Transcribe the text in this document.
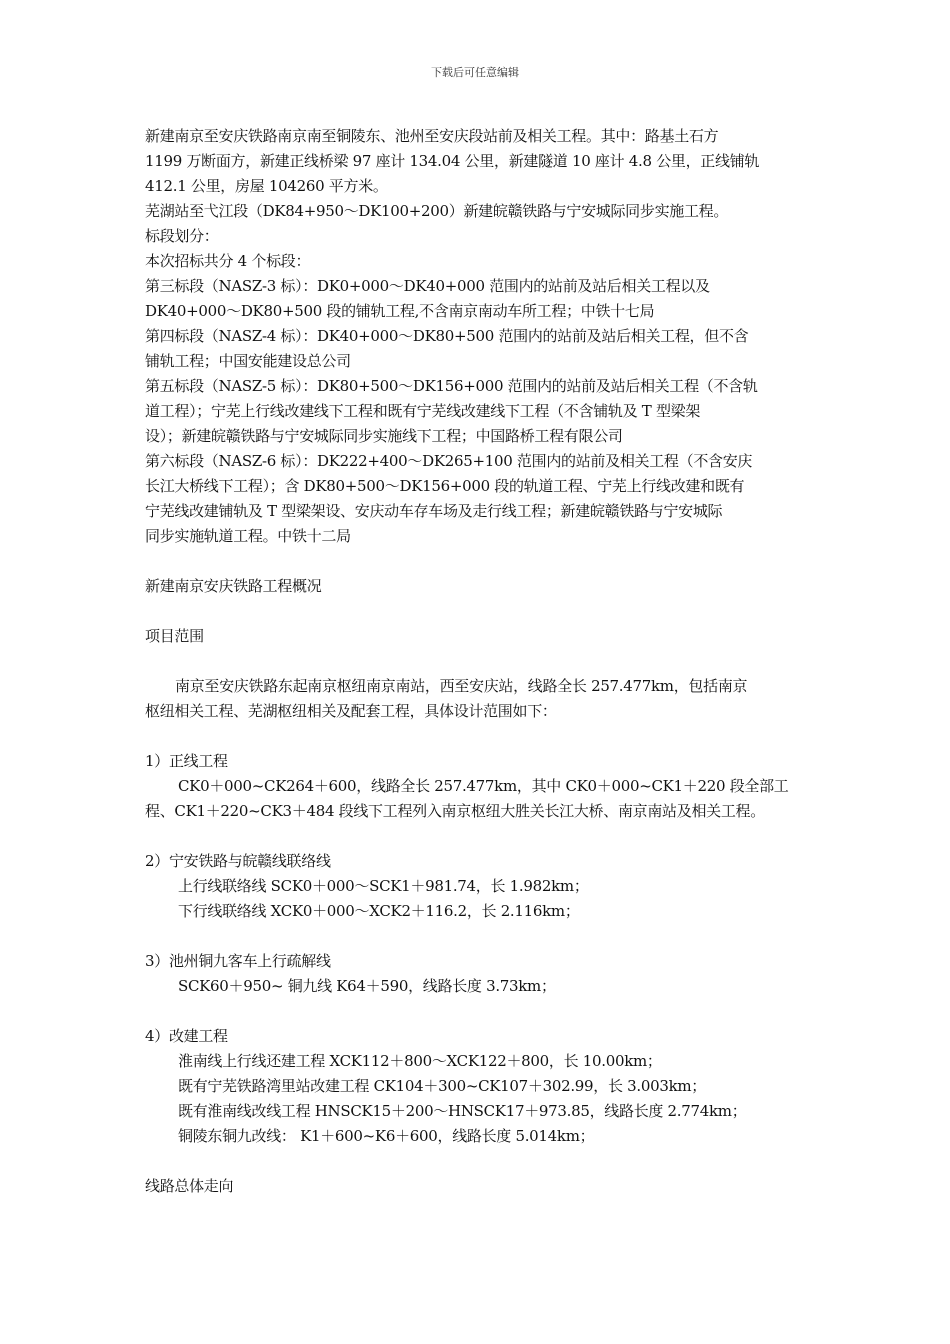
下载后可任意编辑
新建南京至安庆铁路南京南至铜陵东、池州至安庆段站前及相关工程。其中：路基土石方
1199 万断面方，新建正线桥梁 97 座计 134.04 公里，新建隧道 10 座计 4.8 公里，正线铺轨
412.1 公里，房屋 104260 平方米。
芜湖站至弋江段（DK84+950～DK100+200）新建皖赣铁路与宁安城际同步实施工程。
标段划分：
本次招标共分 4 个标段：
第三标段（NASZ-3 标）：DK0+000～DK40+000 范围内的站前及站后相关工程以及
DK40+000～DK80+500 段的铺轨工程,不含南京南动车所工程；中铁十七局
第四标段（NASZ-4 标）：DK40+000～DK80+500 范围内的站前及站后相关工程，但不含
铺轨工程；中国安能建设总公司
第五标段（NASZ-5 标）：DK80+500～DK156+000 范围内的站前及站后相关工程（不含轨
道工程）；宁芜上行线改建线下工程和既有宁芜线改建线下工程（不含铺轨及 T 型梁架
设）；新建皖赣铁路与宁安城际同步实施线下工程；中国路桥工程有限公司
第六标段（NASZ-6 标）：DK222+400～DK265+100 范围内的站前及相关工程（不含安庆
长江大桥线下工程）；含 DK80+500～DK156+000 段的轨道工程、宁芜上行线改建和既有
宁芜线改建铺轨及 T 型梁架设、安庆动车存车场及走行线工程；新建皖赣铁路与宁安城际
同步实施轨道工程。中铁十二局
新建南京安庆铁路工程概况
项目范围
南京至安庆铁路东起南京枢纽南京南站，西至安庆站，线路全长 257.477km，包括南京
枢纽相关工程、芜湖枢纽相关及配套工程，具体设计范围如下：
1）正线工程
CK0＋000~CK264＋600，线路全长 257.477km，其中 CK0＋000~CK1＋220 段全部工
程、CK1＋220~CK3＋484 段线下工程列入南京枢纽大胜关长江大桥、南京南站及相关工程。
2）宁安铁路与皖赣线联络线
上行线联络线 SCK0＋000～SCK1＋981.74，长 1.982km；
下行线联络线 XCK0＋000～XCK2＋116.2，长 2.116km；
3）池州铜九客车上行疏解线
SCK60＋950~ 铜九线 K64＋590，线路长度 3.73km；
4）改建工程
淮南线上行线还建工程 XCK112＋800～XCK122＋800，长 10.00km；
既有宁芜铁路湾里站改建工程 CK104＋300~CK107＋302.99，长 3.003km；
既有淮南线改线工程 HNSCK15＋200～HNSCK17＋973.85，线路长度 2.774km；
铜陵东铜九改线： K1＋600~K6＋600，线路长度 5.014km；
线路总体走向
